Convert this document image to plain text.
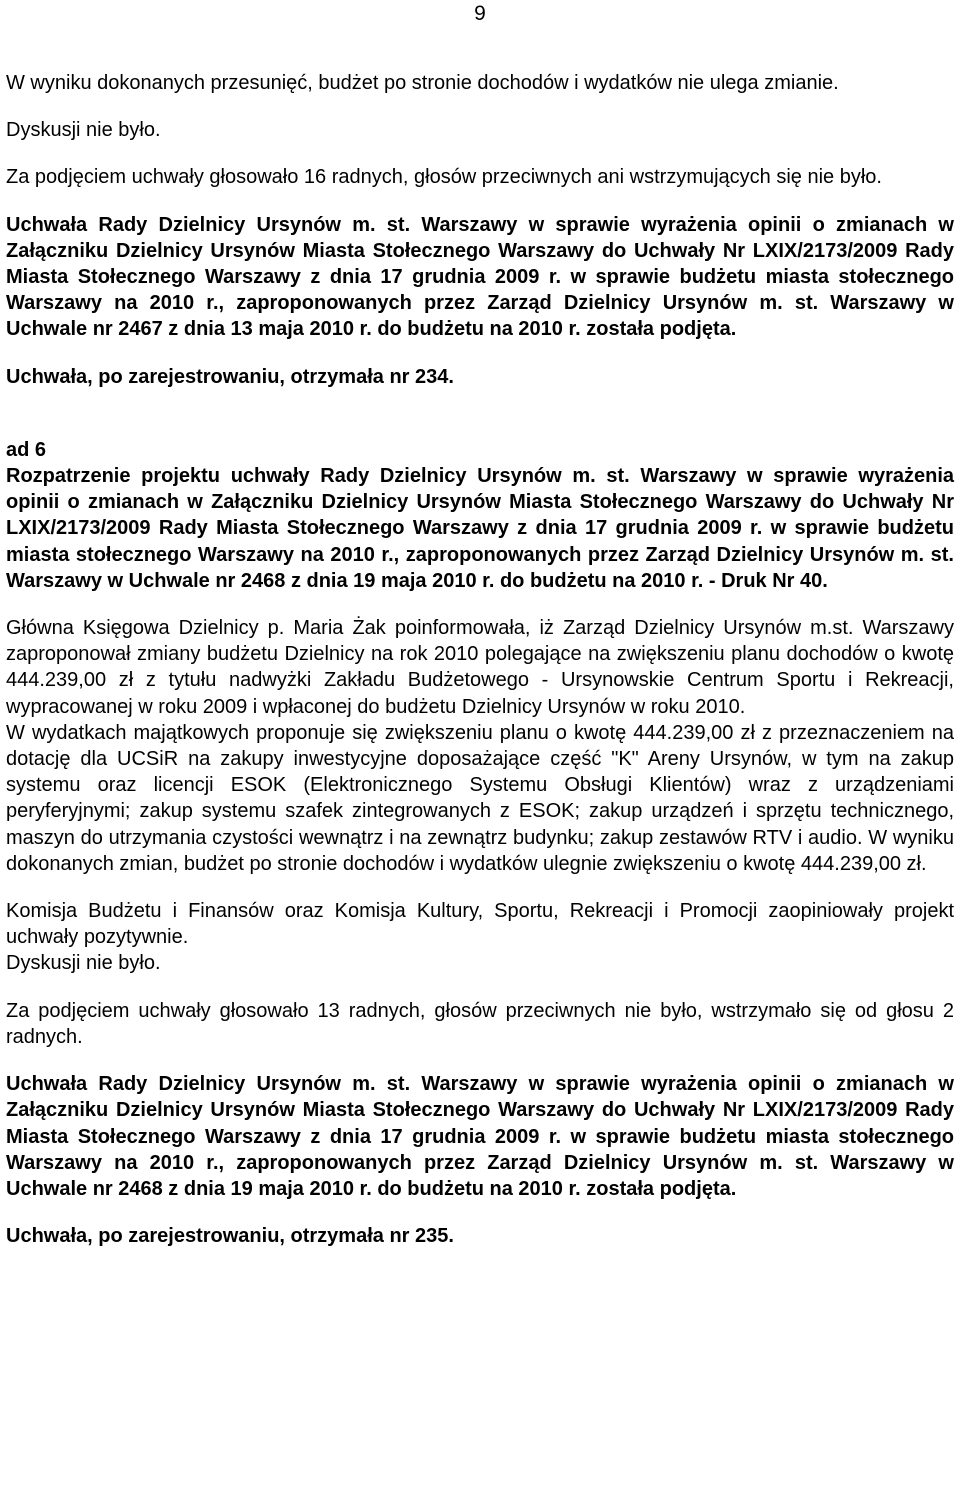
9

W wyniku dokonanych przesunięć, budżet po stronie dochodów i wydatków nie ulega zmianie.

Dyskusji nie było.

Za podjęciem uchwały głosowało 16 radnych, głosów przeciwnych ani wstrzymujących się nie było.

Uchwała Rady Dzielnicy Ursynów m. st. Warszawy w sprawie wyrażenia opinii o zmianach w Załączniku Dzielnicy Ursynów Miasta Stołecznego Warszawy do Uchwały Nr LXIX/2173/2009 Rady Miasta Stołecznego Warszawy z dnia 17 grudnia 2009 r. w sprawie budżetu miasta stołecznego Warszawy na 2010 r., zaproponowanych przez Zarząd Dzielnicy Ursynów m. st. Warszawy w Uchwale nr 2467 z dnia 13 maja 2010 r. do budżetu na 2010 r. została podjęta.

Uchwała, po zarejestrowaniu, otrzymała nr 234.

ad 6

Rozpatrzenie projektu uchwały Rady Dzielnicy Ursynów m. st. Warszawy w sprawie wyrażenia opinii o zmianach w Załączniku Dzielnicy Ursynów Miasta Stołecznego Warszawy do Uchwały Nr LXIX/2173/2009 Rady Miasta Stołecznego Warszawy z dnia 17 grudnia 2009 r. w sprawie budżetu miasta stołecznego Warszawy na 2010 r., zaproponowanych przez Zarząd Dzielnicy Ursynów m. st. Warszawy w Uchwale nr 2468 z dnia 19 maja 2010 r. do budżetu na 2010 r. - Druk Nr 40.

Główna Księgowa Dzielnicy p. Maria Żak poinformowała, iż Zarząd Dzielnicy Ursynów m.st. Warszawy zaproponował zmiany budżetu Dzielnicy na rok 2010 polegające na zwiększeniu planu dochodów o kwotę 444.239,00 zł z tytułu nadwyżki Zakładu Budżetowego - Ursynowskie Centrum Sportu i Rekreacji, wypracowanej w roku 2009 i wpłaconej do budżetu Dzielnicy Ursynów w roku 2010.

W wydatkach majątkowych proponuje się zwiększeniu planu o kwotę 444.239,00 zł z przeznaczeniem na dotację dla UCSiR na zakupy inwestycyjne doposażające część "K" Areny Ursynów, w tym na zakup systemu oraz licencji ESOK (Elektronicznego Systemu Obsługi Klientów) wraz z urządzeniami peryferyjnymi; zakup systemu szafek zintegrowanych z ESOK; zakup urządzeń i sprzętu technicznego, maszyn do utrzymania czystości wewnątrz i na zewnątrz budynku; zakup zestawów RTV i audio. W wyniku dokonanych zmian, budżet po stronie dochodów i wydatków ulegnie zwiększeniu o kwotę 444.239,00 zł.

Komisja Budżetu i Finansów oraz Komisja Kultury, Sportu, Rekreacji i Promocji zaopiniowały projekt uchwały pozytywnie.

Dyskusji nie było.

Za podjęciem uchwały głosowało 13 radnych, głosów przeciwnych nie było, wstrzymało się od głosu 2 radnych.

Uchwała Rady Dzielnicy Ursynów m. st. Warszawy w sprawie wyrażenia opinii o zmianach w Załączniku Dzielnicy Ursynów Miasta Stołecznego Warszawy do Uchwały Nr LXIX/2173/2009 Rady Miasta Stołecznego Warszawy z dnia 17 grudnia 2009 r. w sprawie budżetu miasta stołecznego Warszawy na 2010 r., zaproponowanych przez Zarząd Dzielnicy Ursynów m. st. Warszawy w Uchwale nr 2468 z dnia 19 maja 2010 r. do budżetu na 2010 r. została podjęta.

Uchwała, po zarejestrowaniu, otrzymała nr 235.
